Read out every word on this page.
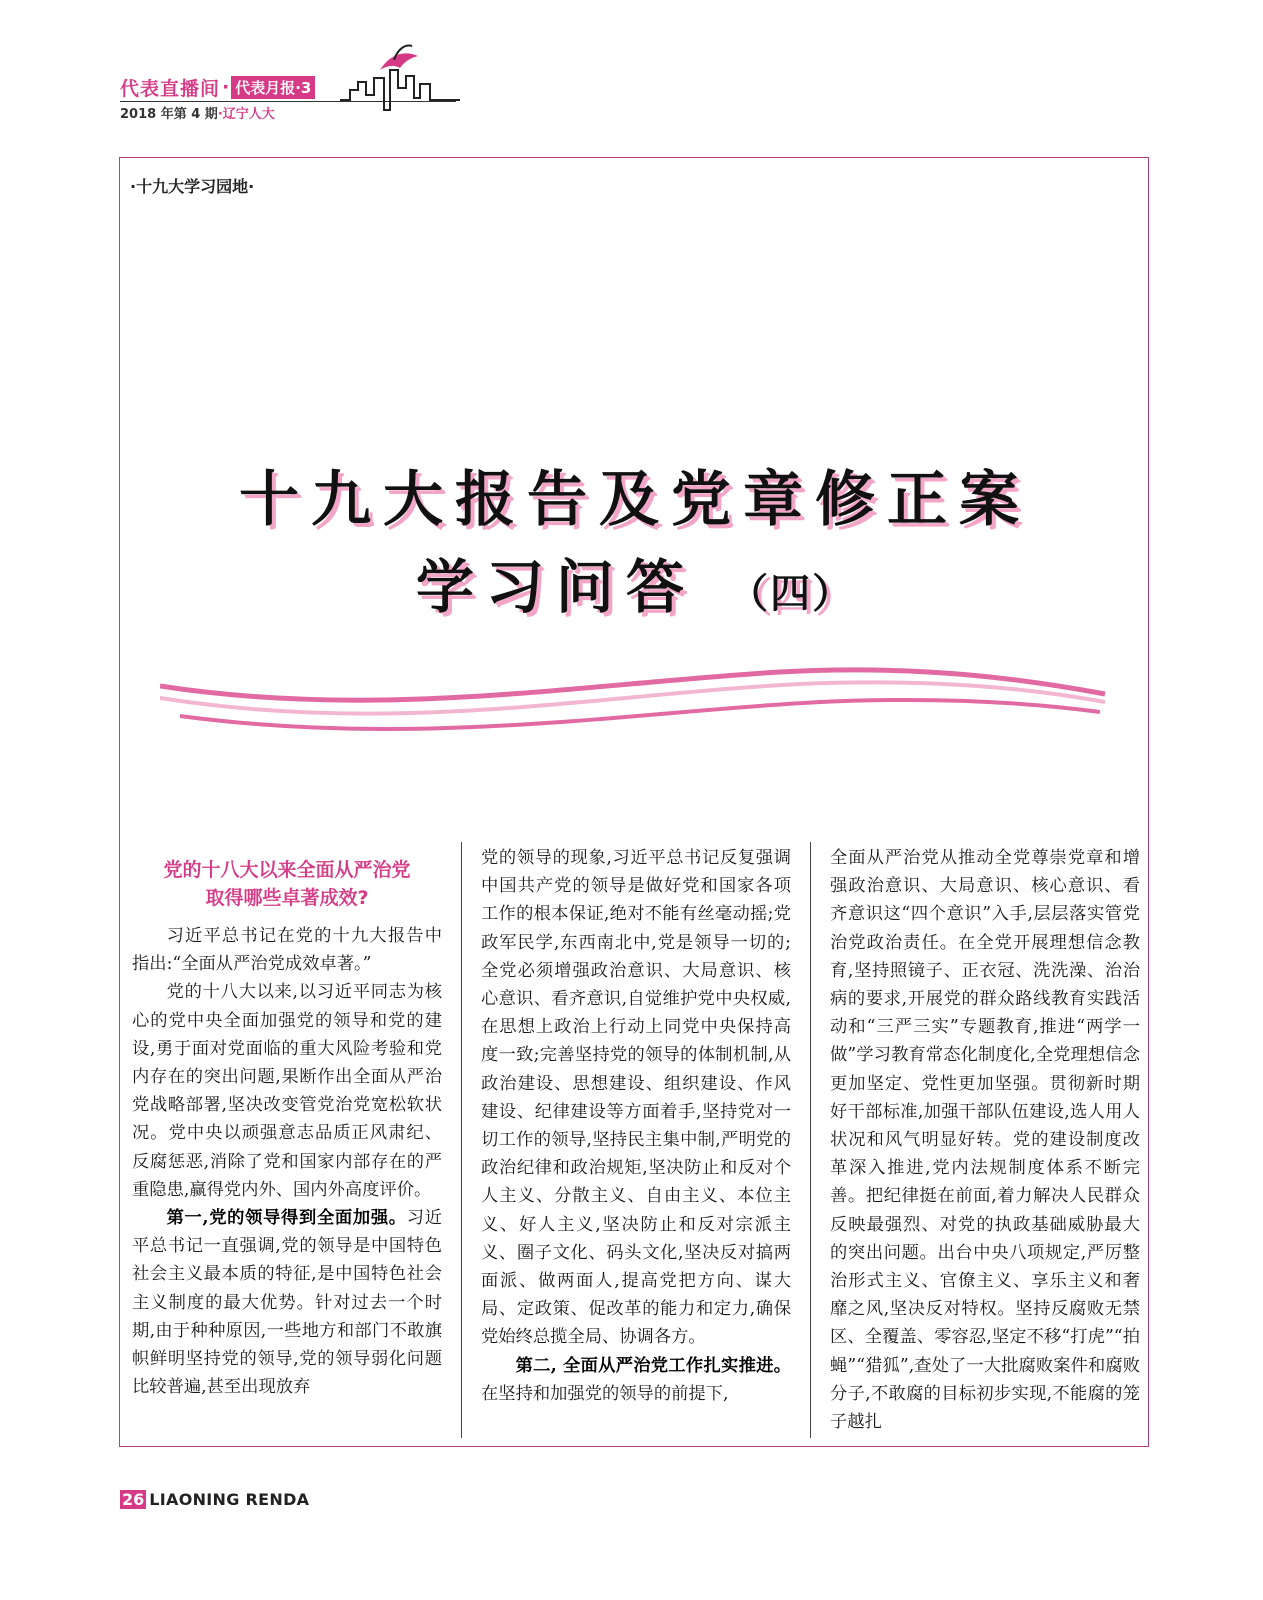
代表直播间 · 代表月报·3
2018 年第 4 期·辽宁人大
·十九大学习园地·
十九大报告及党章修正案
学习问答 （四）

党的十八大以来全面从严治党
取得哪些卓著成效?

习近平总书记在党的十九大报告中指出:“全面从严治党成效卓著。”

党的十八大以来,以习近平同志为核心的党中央全面加强党的领导和党的建设,勇于面对党面临的重大风险考验和党内存在的突出问题,果断作出全面从严治党战略部署,坚决改变管党治党宽松软状况。党中央以顽强意志品质正风肃纪、反腐惩恶,消除了党和国家内部存在的严重隐患,赢得党内外、国内外高度评价。

第一,党的领导得到全面加强。习近平总书记一直强调,党的领导是中国特色社会主义最本质的特征,是中国特色社会主义制度的最大优势。针对过去一个时期,由于种种原因,一些地方和部门不敢旗帜鲜明坚持党的领导,党的领导弱化问题比较普遍,甚至出现放弃

党的领导的现象,习近平总书记反复强调中国共产党的领导是做好党和国家各项工作的根本保证,绝对不能有丝毫动摇;党政军民学,东西南北中,党是领导一切的;全党必须增强政治意识、大局意识、核心意识、看齐意识,自觉维护党中央权威,在思想上政治上行动上同党中央保持高度一致;完善坚持党的领导的体制机制,从政治建设、思想建设、组织建设、作风建设、纪律建设等方面着手,坚持党对一切工作的领导,坚持民主集中制,严明党的政治纪律和政治规矩,坚决防止和反对个人主义、分散主义、自由主义、本位主义、好人主义,坚决防止和反对宗派主义、圈子文化、码头文化,坚决反对搞两面派、做两面人,提高党把方向、谋大局、定政策、促改革的能力和定力,确保党始终总揽全局、协调各方。

第二, 全面从严治党工作扎实推进。在坚持和加强党的领导的前提下,

全面从严治党从推动全党尊崇党章和增强政治意识、大局意识、核心意识、看齐意识这“四个意识”入手,层层落实管党治党政治责任。在全党开展理想信念教育,坚持照镜子、正衣冠、洗洗澡、治治病的要求,开展党的群众路线教育实践活动和“三严三实”专题教育,推进“两学一做”学习教育常态化制度化,全党理想信念更加坚定、党性更加坚强。贯彻新时期好干部标准,加强干部队伍建设,选人用人状况和风气明显好转。党的建设制度改革深入推进,党内法规制度体系不断完善。把纪律挺在前面,着力解决人民群众反映最强烈、对党的执政基础威胁最大的突出问题。出台中央八项规定,严厉整治形式主义、官僚主义、享乐主义和奢靡之风,坚决反对特权。坚持反腐败无禁区、全覆盖、零容忍,坚定不移“打虎”“拍蝇”“猎狐”,查处了一大批腐败案件和腐败分子,不敢腐的目标初步实现,不能腐的笼子越扎

26 LIAONING RENDA
